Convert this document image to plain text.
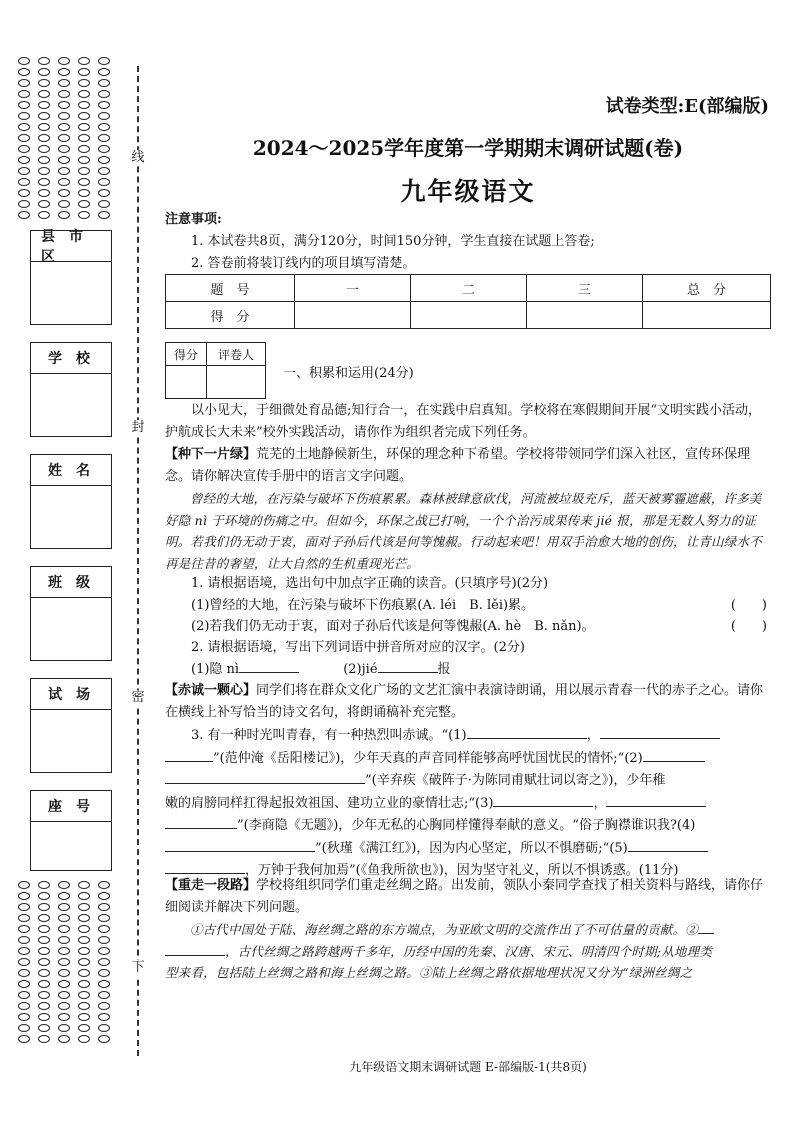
线
封
密
下
县市区
学校
姓名
班级
试场
座号
试卷类型:E(部编版)
2024～2025学年度第一学期期末调研试题(卷)
九年级语文
注意事项:
1. 本试卷共8页，满分120分，时间150分钟，学生直接在试题上答卷;
2. 答卷前将装订线内的项目填写清楚。
题　号	一	二	三	总　分
得　分				
得分	评卷人

一、积累和运用(24分)
以小见大，于细微处育品德;知行合一，在实践中启真知。学校将在寒假期间开展“文明实践小活动，护航成长大未来”校外实践活动，请你作为组织者完成下列任务。
【种下一片绿】荒芜的土地静候新生，环保的理念种下希望。学校将带领同学们深入社区，宣传环保理念。请你解决宣传手册中的语言文字问题。
曾经的大地，在污染与破坏下伤痕累累。森林被肆意砍伐，河流被垃圾充斥，蓝天被雾霾遮蔽，许多美好隐 nì 于环境的伤痛之中。但如今，环保之战已打响，一个个治污成果传来 jié 报，那是无数人努力的证明。若我们仍无动于衷，面对子孙后代该是何等愧赧。行动起来吧！用双手治愈大地的创伤，让青山绿水不再是往昔的奢望，让大自然的生机重现光芒。
1. 请根据语境，选出句中加点字正确的读音。(只填序号)(2分)
(1)曾经的大地，在污染与破坏下伤痕累(A. léi　B. lěi)累。	(　　)
(2)若我们仍无动于衷，面对子孙后代该是何等愧赧(A. hè　B. nǎn)。	(　　)
2. 请根据语境，写出下列词语中拼音所对应的汉字。(2分)
(1)隐 nì	(2)jié	报
【赤诚一颗心】同学们将在群众文化广场的文艺汇演中表演诗朗诵，用以展示青春一代的赤子之心。请你在横线上补写恰当的诗文名句，将朗诵稿补充完整。
3. 有一种时光叫青春，有一种热烈叫赤诚。“(1)	，
”(范仲淹《岳阳楼记》)，少年天真的声音同样能够高呼忧国忧民的情怀;“(2)
”(辛弃疾《破阵子·为陈同甫赋壮词以寄之》)，少年稚
嫩的肩膀同样扛得起报效祖国、建功立业的豪情壮志;“(3)	，
”(李商隐《无题》)，少年无私的心胸同样懂得奉献的意义。“俗子胸襟谁识我?(4)
”(秋瑾《满江红》)，因为内心坚定，所以不惧磨砺;“(5)
，万钟于我何加焉”(《鱼我所欲也》)，因为坚守礼义，所以不惧诱惑。(11分)
【重走一段路】学校将组织同学们重走丝绸之路。出发前，领队小秦同学查找了相关资料与路线，请你仔细阅读并解决下列问题。
①古代中国处于陆、海丝绸之路的东方端点，为亚欧文明的交流作出了不可估量的贡献。②
，古代丝绸之路跨越两千多年，历经中国的先秦、汉唐、宋元、明清四个时期;从地理类
型来看，包括陆上丝绸之路和海上丝绸之路。③陆上丝绸之路依据地理状况又分为“绿洲丝绸之
九年级语文期末调研试题 E-部编版-1(共8页)
